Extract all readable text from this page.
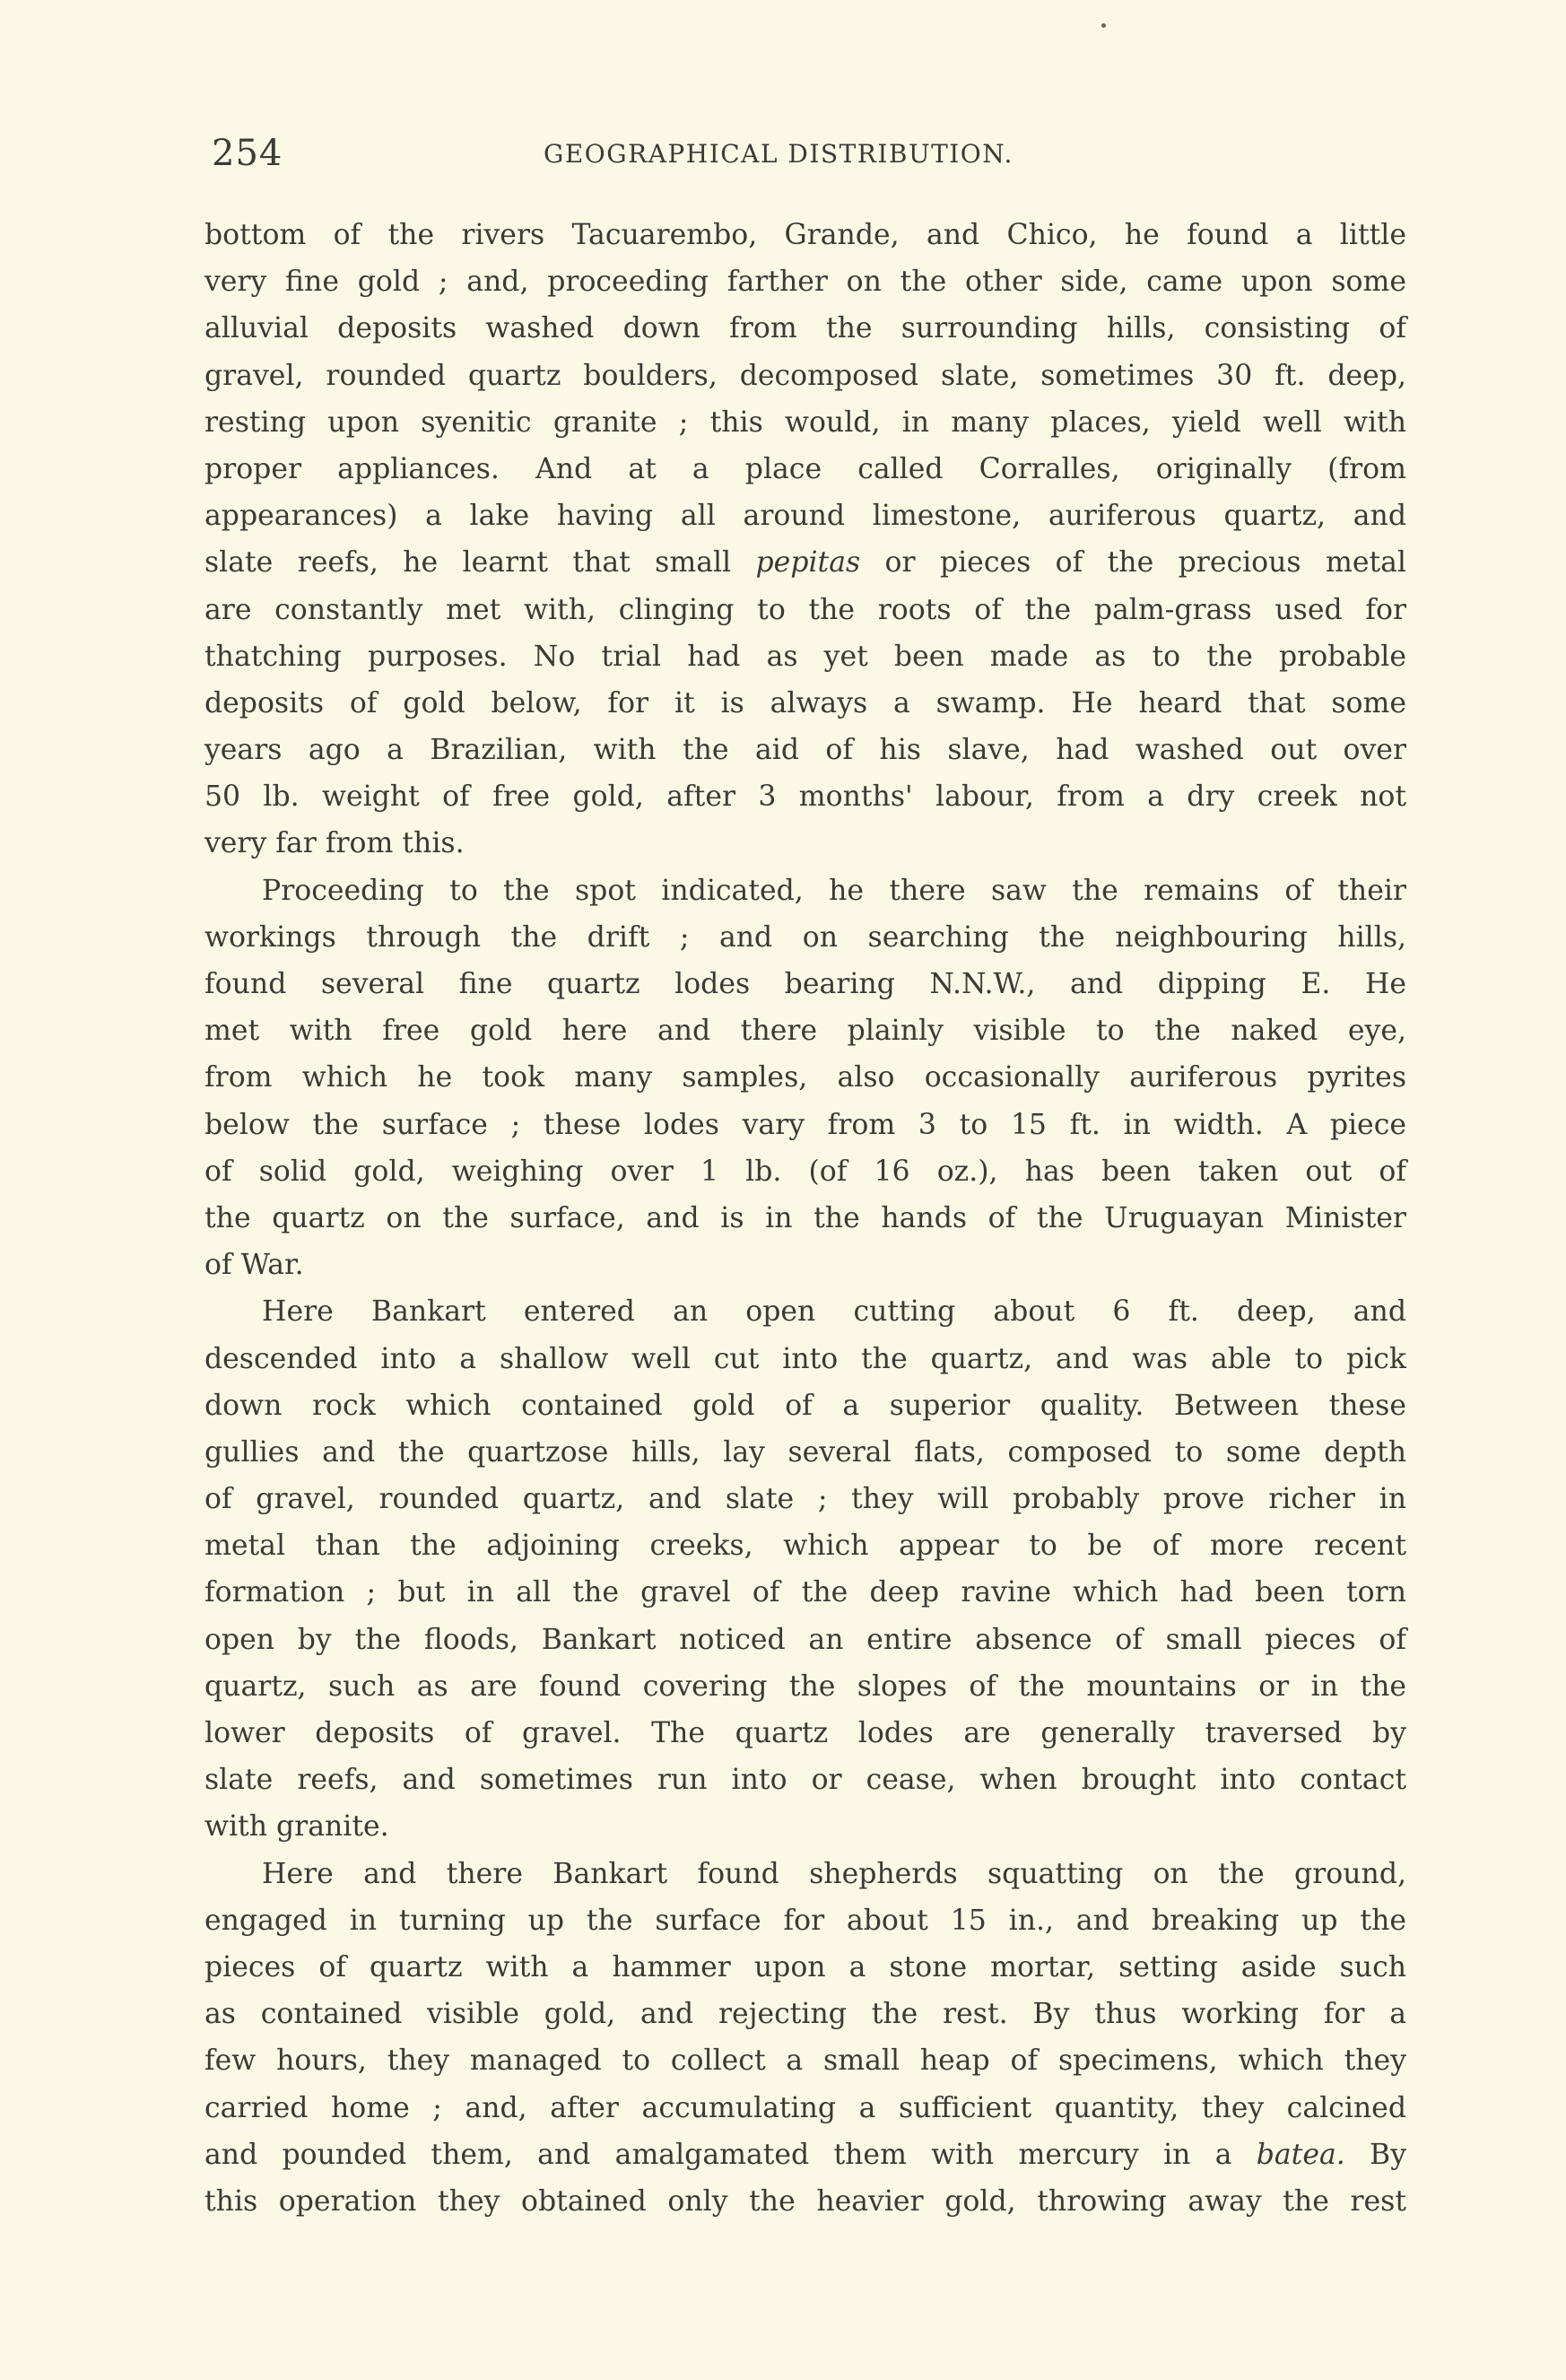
254	GEOGRAPHICAL DISTRIBUTION.
bottom of the rivers Tacuarembo, Grande, and Chico, he found a little
very fine gold ; and, proceeding farther on the other side, came upon some
alluvial deposits washed down from the surrounding hills, consisting of
gravel, rounded quartz boulders, decomposed slate, sometimes 30 ft. deep,
resting upon syenitic granite ; this would, in many places, yield well with
proper appliances. And at a place called Corralles, originally (from
appearances) a lake having all around limestone, auriferous quartz, and
slate reefs, he learnt that small pepitas or pieces of the precious metal
are constantly met with, clinging to the roots of the palm-grass used for
thatching purposes. No trial had as yet been made as to the probable
deposits of gold below, for it is always a swamp. He heard that some
years ago a Brazilian, with the aid of his slave, had washed out over
50 lb. weight of free gold, after 3 months' labour, from a dry creek not
very far from this.
Proceeding to the spot indicated, he there saw the remains of their
workings through the drift ; and on searching the neighbouring hills,
found several fine quartz lodes bearing N.N.W., and dipping E. He
met with free gold here and there plainly visible to the naked eye,
from which he took many samples, also occasionally auriferous pyrites
below the surface ; these lodes vary from 3 to 15 ft. in width. A piece
of solid gold, weighing over 1 lb. (of 16 oz.), has been taken out of
the quartz on the surface, and is in the hands of the Uruguayan Minister
of War.
Here Bankart entered an open cutting about 6 ft. deep, and
descended into a shallow well cut into the quartz, and was able to pick
down rock which contained gold of a superior quality. Between these
gullies and the quartzose hills, lay several flats, composed to some depth
of gravel, rounded quartz, and slate ; they will probably prove richer in
metal than the adjoining creeks, which appear to be of more recent
formation ; but in all the gravel of the deep ravine which had been torn
open by the floods, Bankart noticed an entire absence of small pieces of
quartz, such as are found covering the slopes of the mountains or in the
lower deposits of gravel. The quartz lodes are generally traversed by
slate reefs, and sometimes run into or cease, when brought into contact
with granite.
Here and there Bankart found shepherds squatting on the ground,
engaged in turning up the surface for about 15 in., and breaking up the
pieces of quartz with a hammer upon a stone mortar, setting aside such
as contained visible gold, and rejecting the rest. By thus working for a
few hours, they managed to collect a small heap of specimens, which they
carried home ; and, after accumulating a sufficient quantity, they calcined
and pounded them, and amalgamated them with mercury in a batea. By
this operation they obtained only the heavier gold, throwing away the rest
